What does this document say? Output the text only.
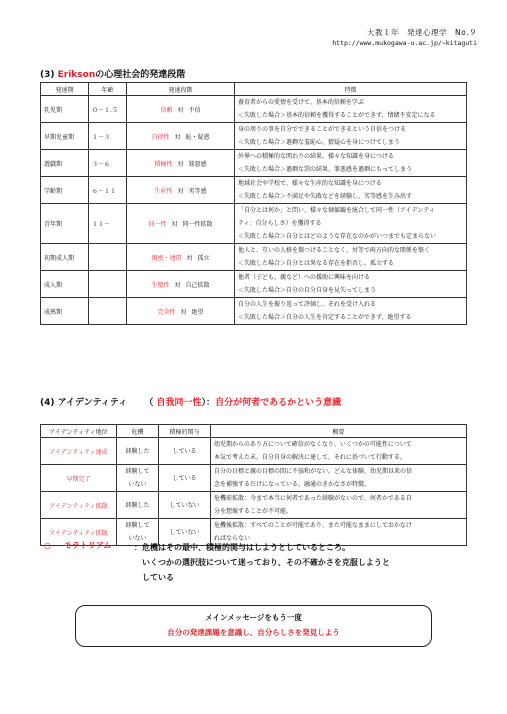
大教１年　発達心理学　No.９
http://www.mukogawa-u.ac.jp/~kitaguti
(3) Eriksonの心理社会的発達段階
発達期	年齢	発達段階	特徴
乳児期	０－１.５	信頼 対 不信	養育者からの愛情を受けて、基本的信頼を学ぶ
＜失敗した場合＞基本的信頼を獲得することができず、情緒不安定になる

早期児童期	１－３	自律性 対 恥・疑惑	身の周りの事を自分でできることができるという自信をつける
＜失敗した場合＞過剰な羞恥心、猜疑心を身につけてしまう

遊戯期	３－６	積極性 対 罪悪感	外界への積極的な関わりの結果、様々な知識を身につける
＜失敗した場合＞過剰な罰の結果、罪悪感を過剰にもってしまう

学齢期	６－１１	生産性 対 劣等感	地域社会や学校で、様々な生産的な知識を身につける
＜失敗した場合＞不満足や失敗などを経験し、劣等感を生み出す

青年期	１１－	同一性 対 同一性拡散	「自分とは何か」と問い、様々な価値観を統合して同一性（アイデンティ
ティ：自分らしさ）を獲得する
＜失敗した場合＞自分とはどのような存在なのかがいつまでも定まらない

初期成人期		親密・連帯 対 孤立	他人と、互いの人格を傷つけることなく、対等で両方向的な関係を築く
＜失敗した場合＞自分とは異なる存在を拒否し、孤立する

成人期		生殖性 対 自己拡散	他者（子ども、親など）への援助に興味を向ける
＜失敗した場合＞自分の自分自身を見失ってしまう

成熟期		完全性 対 絶望	自分の人生を振り返って評価し、それを受け入れる
＜失敗した場合＞自分の人生を肯定することができず、絶望する
(4) アイデンティティ （ 自我同一性）：自分が何者であるかという意識
アイデンティティ地位	危機	積極的関与	概要
アイデンティティ達成	経験した	している	幼児期からのあり方について確信がなくなり、いくつかの可能性について
本気で考えた末、自分自身の解決に達して、それに基づいて行動する。

早期完了	経験して
いない	している	自分の目標と親の目標の間に不協和がない。どんな体験、幼児期以来の信
念を補強するだけになっている。融通のきかなさが特徴。

アイデンティティ拡散	経験した	していない	危機前拡散：今まで本当に何者であった経験がないので、何者かである自
分を想像することが不可能。

アイデンティティ拡散	経験して
いない	していない	危機後拡散：すべてのことが可能であり、また可能なままにしておかなけ
ればならない
○ モラトリアム	：危機はその最中、積極的関与はしようとしているところ。
いくつかの選択肢について迷っており、その不確かさを克服しようと
している
メインメッセージをもう一度
自分の発達課題を意識し、自分らしさを発見しよう
